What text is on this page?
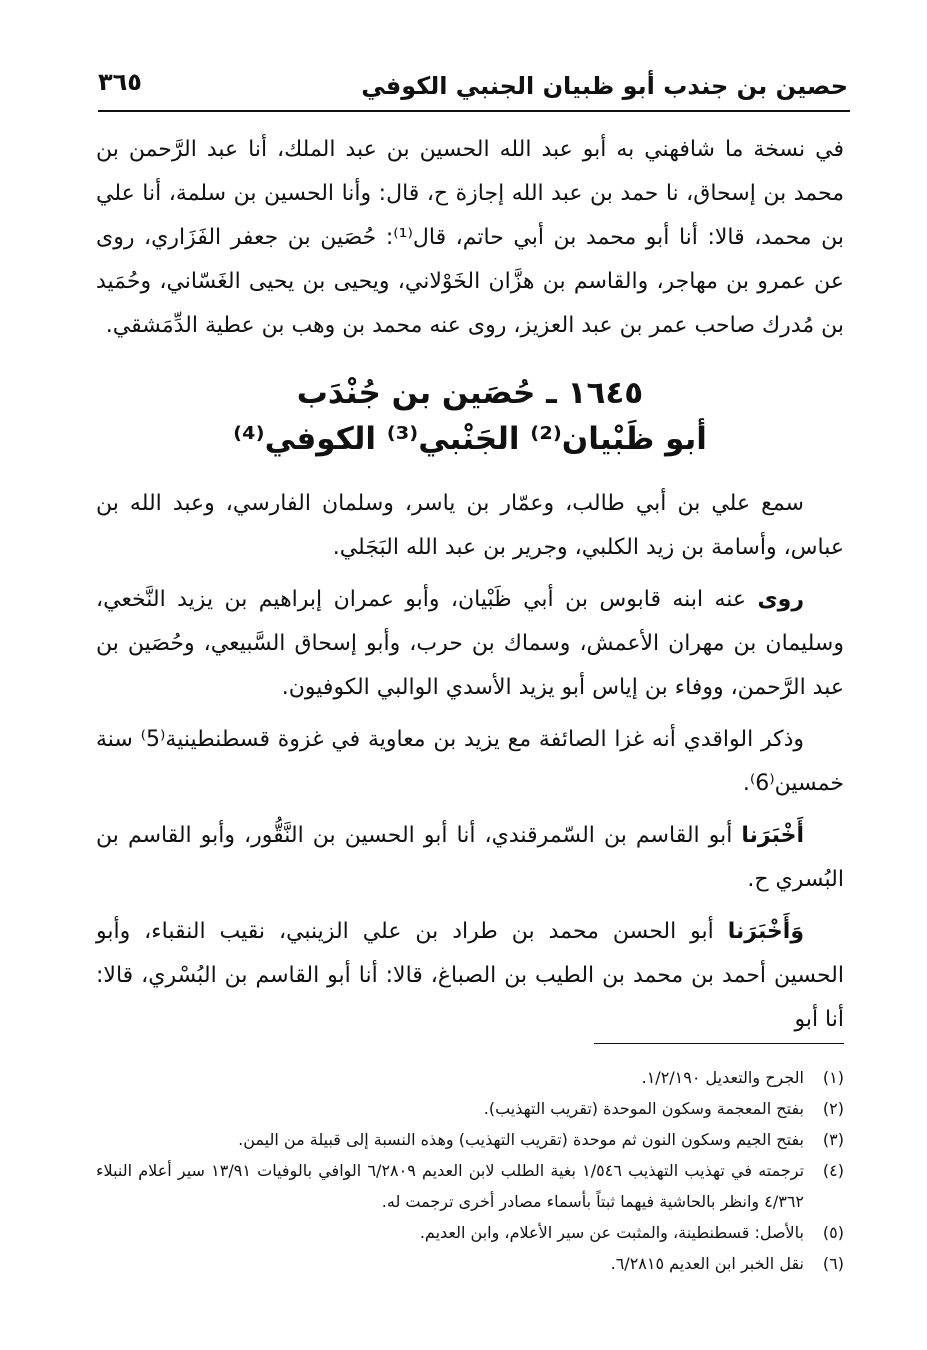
حصين بن جندب أبو ظبيان الجنبي الكوفي
٣٦٥

في نسخة ما شافهني به أبو عبد الله الحسين بن عبد الملك، أنا عبد الرَّحمن بن محمد بن إسحاق، نا حمد بن عبد الله إجازة ح، قال: وأنا الحسين بن سلمة، أنا علي بن محمد، قالا: أنا أبو محمد بن أبي حاتم، قال⁽¹⁾: حُصَين بن جعفر الفَزَاري، روى عن عمرو بن مهاجر، والقاسم بن هزَّان الخَوْلاني، ويحيى بن يحيى الغَسّاني، وحُمَيد بن مُدرك صاحب عمر بن عبد العزيز، روى عنه محمد بن وهب بن عطية الدِّمَشقي.

١٦٤٥ ـ حُصَين بن جُنْدَب
أبو ظَبْيان⁽²⁾ الجَنْبي⁽³⁾ الكوفي⁽⁴⁾

سمع علي بن أبي طالب، وعمّار بن ياسر، وسلمان الفارسي، وعبد الله بن عباس، وأسامة بن زيد الكلبي، وجرير بن عبد الله البَجَلي.

روى عنه ابنه قابوس بن أبي ظَبْيان، وأبو عمران إبراهيم بن يزيد النَّخعي، وسليمان بن مهران الأعمش، وسماك بن حرب، وأبو إسحاق السَّبيعي، وحُصَين بن عبد الرَّحمن، ووفاء بن إياس أبو يزيد الأسدي الوالبي الكوفيون.

وذكر الواقدي أنه غزا الصائفة مع يزيد بن معاوية في غزوة قسطنطينية⁽5⁾ سنة خمسين⁽6⁾.

أَخْبَرَنا أبو القاسم بن السّمرقندي، أنا أبو الحسين بن النَّقُّور، وأبو القاسم بن البُسري ح.

وَأَخْبَرَنا أبو الحسن محمد بن طراد بن علي الزينبي، نقيب النقباء، وأبو الحسين أحمد بن محمد بن الطيب بن الصباغ، قالا: أنا أبو القاسم بن البُسْري، قالا: أنا أبو

(١)
الجرح والتعديل ١/٢/١٩٠.
(٢)
بفتح المعجمة وسكون الموحدة (تقريب التهذيب).
(٣)
بفتح الجيم وسكون النون ثم موحدة (تقريب التهذيب) وهذه النسبة إلى قبيلة من اليمن.
(٤)
ترجمته في تهذيب التهذيب ١/٥٤٦ بغية الطلب لابن العديم ٦/٢٨٠٩ الوافي بالوفيات ١٣/٩١ سير أعلام النبلاء ٤/٣٦٢ وانظر بالحاشية فيهما ثبتاً بأسماء مصادر أخرى ترجمت له.
(٥)
بالأصل: قسطنطينة، والمثبت عن سير الأعلام، وابن العديم.
(٦)
نقل الخبر ابن العديم ٦/٢٨١٥.
